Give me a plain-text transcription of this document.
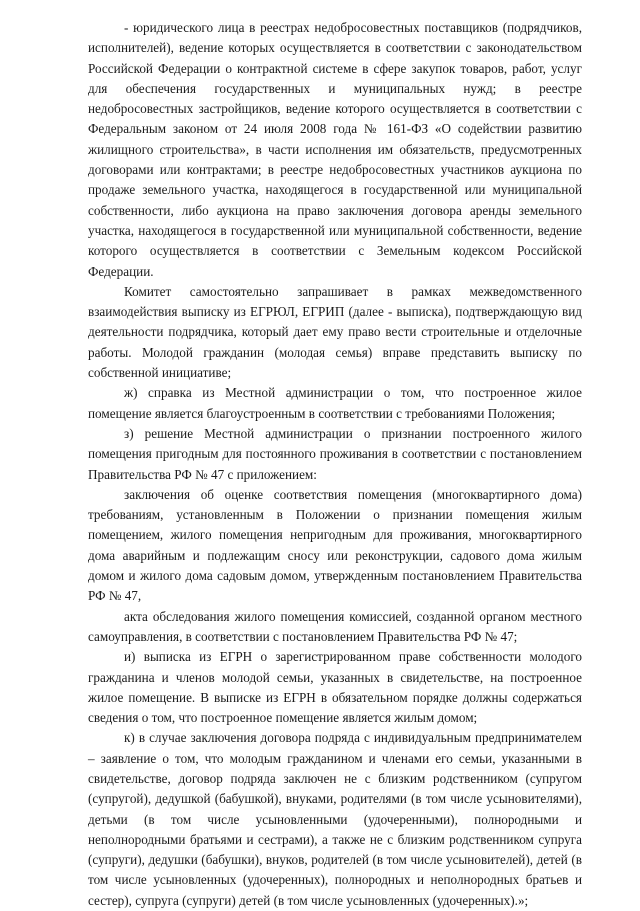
- юридического лица в реестрах недобросовестных поставщиков (подрядчиков, исполнителей), ведение которых осуществляется в соответствии с законодательством Российской Федерации о контрактной системе в сфере закупок товаров, работ, услуг для обеспечения государственных и муниципальных нужд; в реестре недобросовестных застройщиков, ведение которого осуществляется в соответствии с Федеральным законом от 24 июля 2008 года № 161-ФЗ «О содействии развитию жилищного строительства», в части исполнения им обязательств, предусмотренных договорами или контрактами; в реестре недобросовестных участников аукциона по продаже земельного участка, находящегося в государственной или муниципальной собственности, либо аукциона на право заключения договора аренды земельного участка, находящегося в государственной или муниципальной собственности, ведение которого осуществляется в соответствии с Земельным кодексом Российской Федерации.

Комитет самостоятельно запрашивает в рамках межведомственного взаимодействия выписку из ЕГРЮЛ, ЕГРИП (далее - выписка), подтверждающую вид деятельности подрядчика, который дает ему право вести строительные и отделочные работы. Молодой гражданин (молодая семья) вправе представить выписку по собственной инициативе;

ж) справка из Местной администрации о том, что построенное жилое помещение является благоустроенным в соответствии с требованиями Положения;

з) решение Местной администрации о признании построенного жилого помещения пригодным для постоянного проживания в соответствии с постановлением Правительства РФ № 47 с приложением:

заключения об оценке соответствия помещения (многоквартирного дома) требованиям, установленным в Положении о признании помещения жилым помещением, жилого помещения непригодным для проживания, многоквартирного дома аварийным и подлежащим сносу или реконструкции, садового дома жилым домом и жилого дома садовым домом, утвержденным постановлением Правительства РФ № 47,

акта обследования жилого помещения комиссией, созданной органом местного самоуправления, в соответствии с постановлением Правительства РФ № 47;

и) выписка из ЕГРН о зарегистрированном праве собственности молодого гражданина и членов молодой семьи, указанных в свидетельстве, на построенное жилое помещение. В выписке из ЕГРН в обязательном порядке должны содержаться сведения о том, что построенное помещение является жилым домом;

к) в случае заключения договора подряда с индивидуальным предпринимателем – заявление о том, что молодым гражданином и членами его семьи, указанными в свидетельстве, договор подряда заключен не с близким родственником (супругом (супругой), дедушкой (бабушкой), внуками, родителями (в том числе усыновителями), детьми (в том числе усыновленными (удочеренными), полнородными и неполнородными братьями и сестрами), а также не с близким родственником супруга (супруги), дедушки (бабушки), внуков, родителей (в том числе усыновителей), детей (в том числе усыновленных (удочеренных), полнородных и неполнородных братьев и сестер), супруга (супруги) детей (в том числе усыновленных (удочеренных).»;
